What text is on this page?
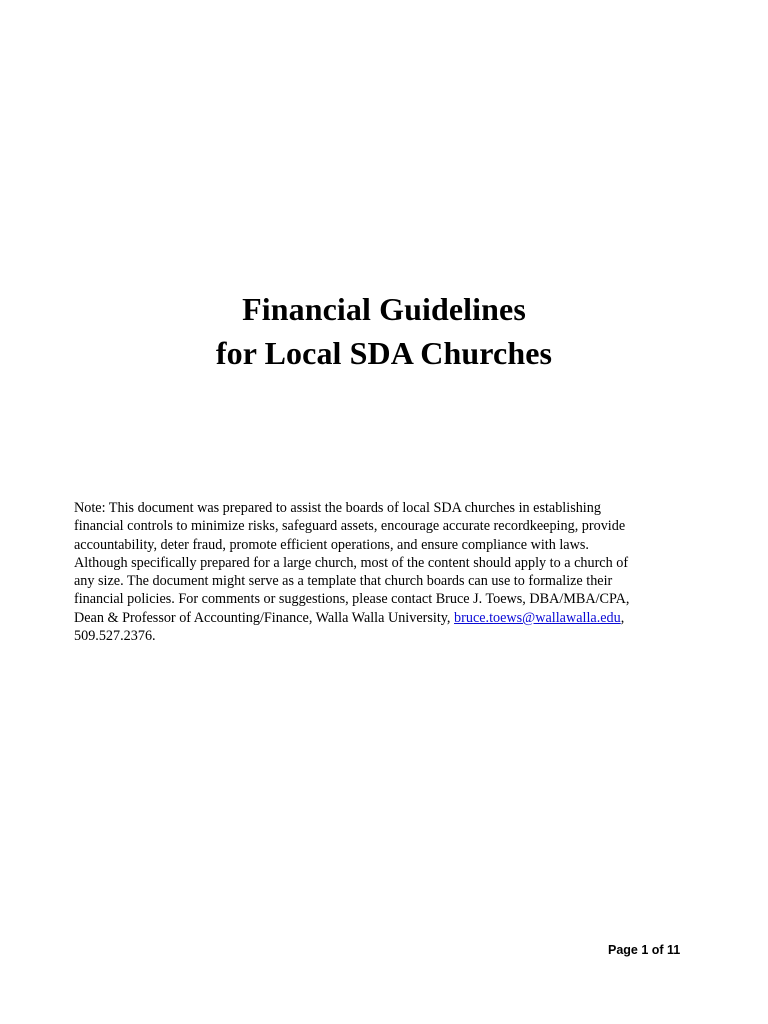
Financial Guidelines
for Local SDA Churches
Note: This document was prepared to assist the boards of local SDA churches in establishing
financial controls to minimize risks, safeguard assets, encourage accurate recordkeeping, provide
accountability, deter fraud, promote efficient operations, and ensure compliance with laws.
Although specifically prepared for a large church, most of the content should apply to a church of
any size. The document might serve as a template that church boards can use to formalize their
financial policies. For comments or suggestions, please contact Bruce J. Toews, DBA/MBA/CPA,
Dean & Professor of Accounting/Finance, Walla Walla University, bruce.toews@wallawalla.edu,
509.527.2376.
Page 1 of 11
